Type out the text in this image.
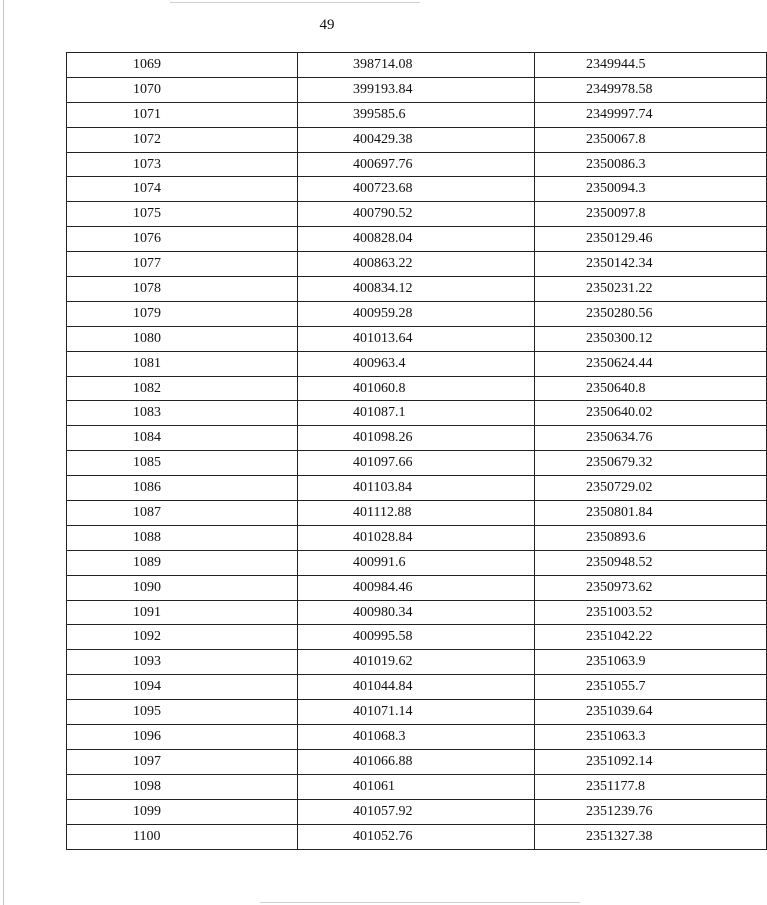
49
1069	398714.08	2349944.5
1070	399193.84	2349978.58
1071	399585.6	2349997.74
1072	400429.38	2350067.8
1073	400697.76	2350086.3
1074	400723.68	2350094.3
1075	400790.52	2350097.8
1076	400828.04	2350129.46
1077	400863.22	2350142.34
1078	400834.12	2350231.22
1079	400959.28	2350280.56
1080	401013.64	2350300.12
1081	400963.4	2350624.44
1082	401060.8	2350640.8
1083	401087.1	2350640.02
1084	401098.26	2350634.76
1085	401097.66	2350679.32
1086	401103.84	2350729.02
1087	401112.88	2350801.84
1088	401028.84	2350893.6
1089	400991.6	2350948.52
1090	400984.46	2350973.62
1091	400980.34	2351003.52
1092	400995.58	2351042.22
1093	401019.62	2351063.9
1094	401044.84	2351055.7
1095	401071.14	2351039.64
1096	401068.3	2351063.3
1097	401066.88	2351092.14
1098	401061	2351177.8
1099	401057.92	2351239.76
1100	401052.76	2351327.38
